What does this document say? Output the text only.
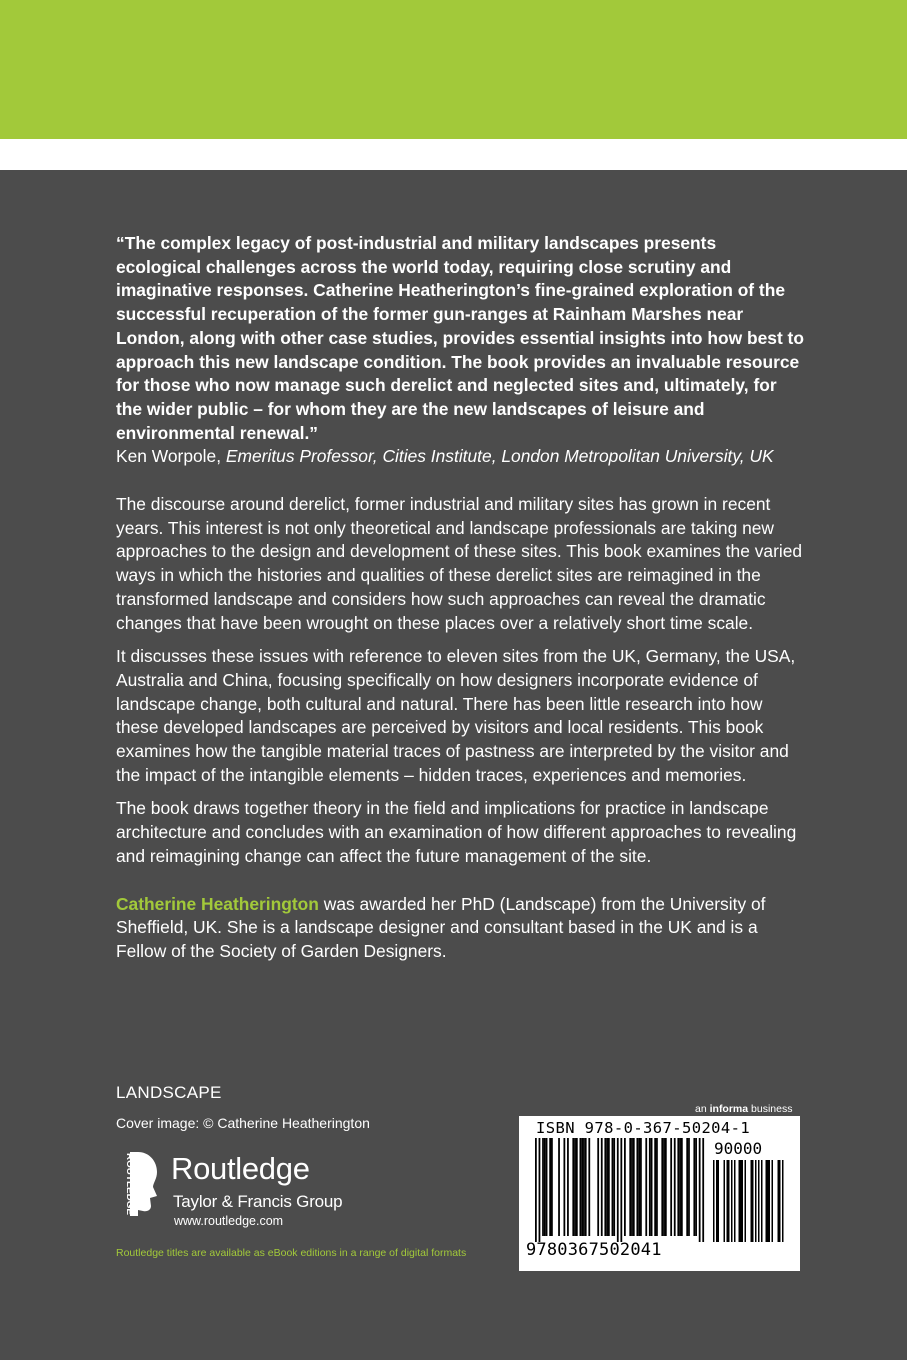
“The complex legacy of post-industrial and military landscapes presents ecological challenges across the world today, requiring close scrutiny and imaginative responses. Catherine Heatherington’s fine-grained exploration of the successful recuperation of the former gun-ranges at Rainham Marshes near London, along with other case studies, provides essential insights into how best to approach this new landscape condition. The book provides an invaluable resource for those who now manage such derelict and neglected sites and, ultimately, for the wider public – for whom they are the new landscapes of leisure and environmental renewal.”

Ken Worpole, Emeritus Professor, Cities Institute, London Metropolitan University, UK

The discourse around derelict, former industrial and military sites has grown in recent years. This interest is not only theoretical and landscape professionals are taking new approaches to the design and development of these sites. This book examines the varied ways in which the histories and qualities of these derelict sites are reimagined in the transformed landscape and considers how such approaches can reveal the dramatic changes that have been wrought on these places over a relatively short time scale.

It discusses these issues with reference to eleven sites from the UK, Germany, the USA, Australia and China, focusing specifically on how designers incorporate evidence of landscape change, both cultural and natural. There has been little research into how these developed landscapes are perceived by visitors and local residents. This book examines how the tangible material traces of pastness are interpreted by the visitor and the impact of the intangible elements – hidden traces, experiences and memories.

The book draws together theory in the field and implications for practice in landscape architecture and concludes with an examination of how different approaches to revealing and reimagining change can affect the future management of the site.

Catherine Heatherington was awarded her PhD (Landscape) from the University of Sheffield, UK. She is a landscape designer and consultant based in the UK and is a Fellow of the Society of Garden Designers.

LANDSCAPE
Cover image: © Catherine Heatherington
ROUTLEDGE Routledge
Taylor & Francis Group
www.routledge.com
Routledge titles are available as eBook editions in a range of digital formats
an informa business
ISBN 978-0-367-50204-1
90000
9780367502041
